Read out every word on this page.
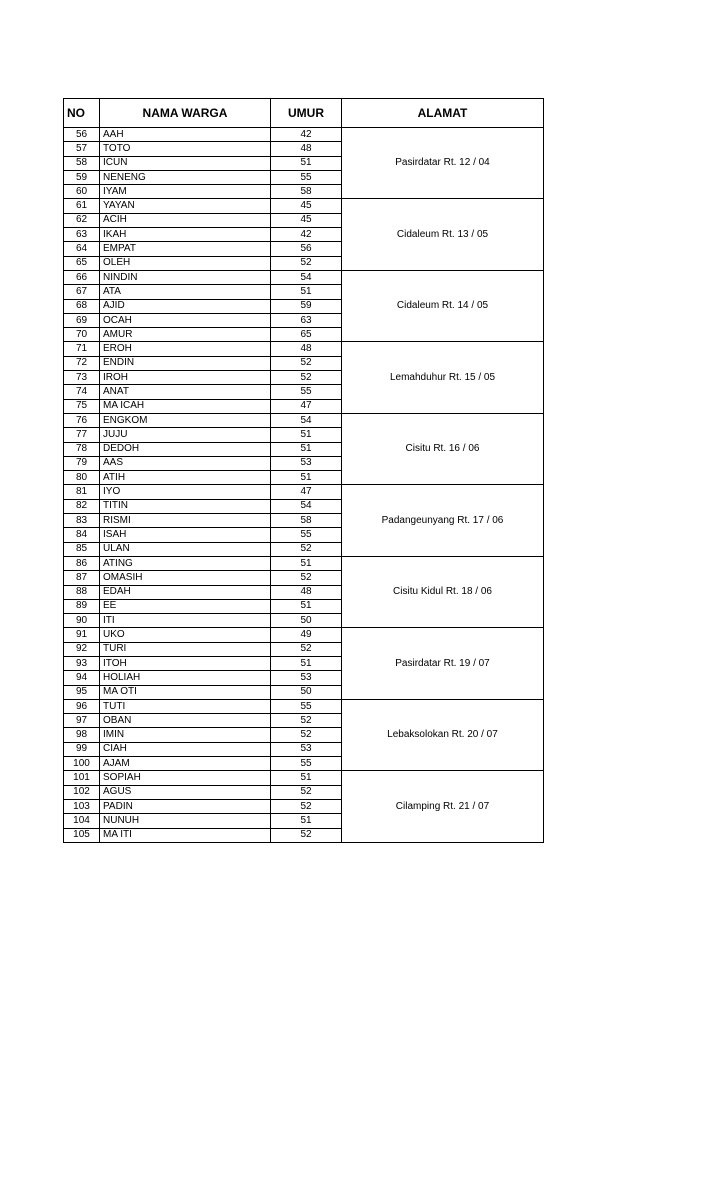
NO	NAMA WARGA	UMUR	ALAMAT
56	AAH	42	Pasirdatar Rt. 12 / 04
57	TOTO	48	
58	ICUN	51	
59	NENENG	55	
60	IYAM	58	
61	YAYAN	45	Cidaleum Rt. 13 / 05
62	ACIH	45	
63	IKAH	42	
64	EMPAT	56	
65	OLEH	52	
66	NINDIN	54	Cidaleum Rt. 14 / 05
67	ATA	51	
68	AJID	59	
69	OCAH	63	
70	AMUR	65	
71	EROH	48	Lemahduhur Rt. 15 / 05
72	ENDIN	52	
73	IROH	52	
74	ANAT	55	
75	MA ICAH	47	
76	ENGKOM	54	Cisitu Rt. 16 / 06
77	JUJU	51	
78	DEDOH	51	
79	AAS	53	
80	ATIH	51	
81	IYO	47	Padangeunyang Rt. 17 / 06
82	TITIN	54	
83	RISMI	58	
84	ISAH	55	
85	ULAN	52	
86	ATING	51	Cisitu Kidul Rt. 18 / 06
87	OMASIH	52	
88	EDAH	48	
89	EE	51	
90	ITI	50	
91	UKO	49	Pasirdatar Rt. 19 / 07
92	TURI	52	
93	ITOH	51	
94	HOLIAH	53	
95	MA OTI	50	
96	TUTI	55	Lebaksolokan Rt. 20 / 07
97	OBAN	52	
98	IMIN	52	
99	CIAH	53	
100	AJAM	55	
101	SOPIAH	51	Cilamping Rt. 21 / 07
102	AGUS	52	
103	PADIN	52	
104	NUNUH	51	
105	MA ITI	52	
